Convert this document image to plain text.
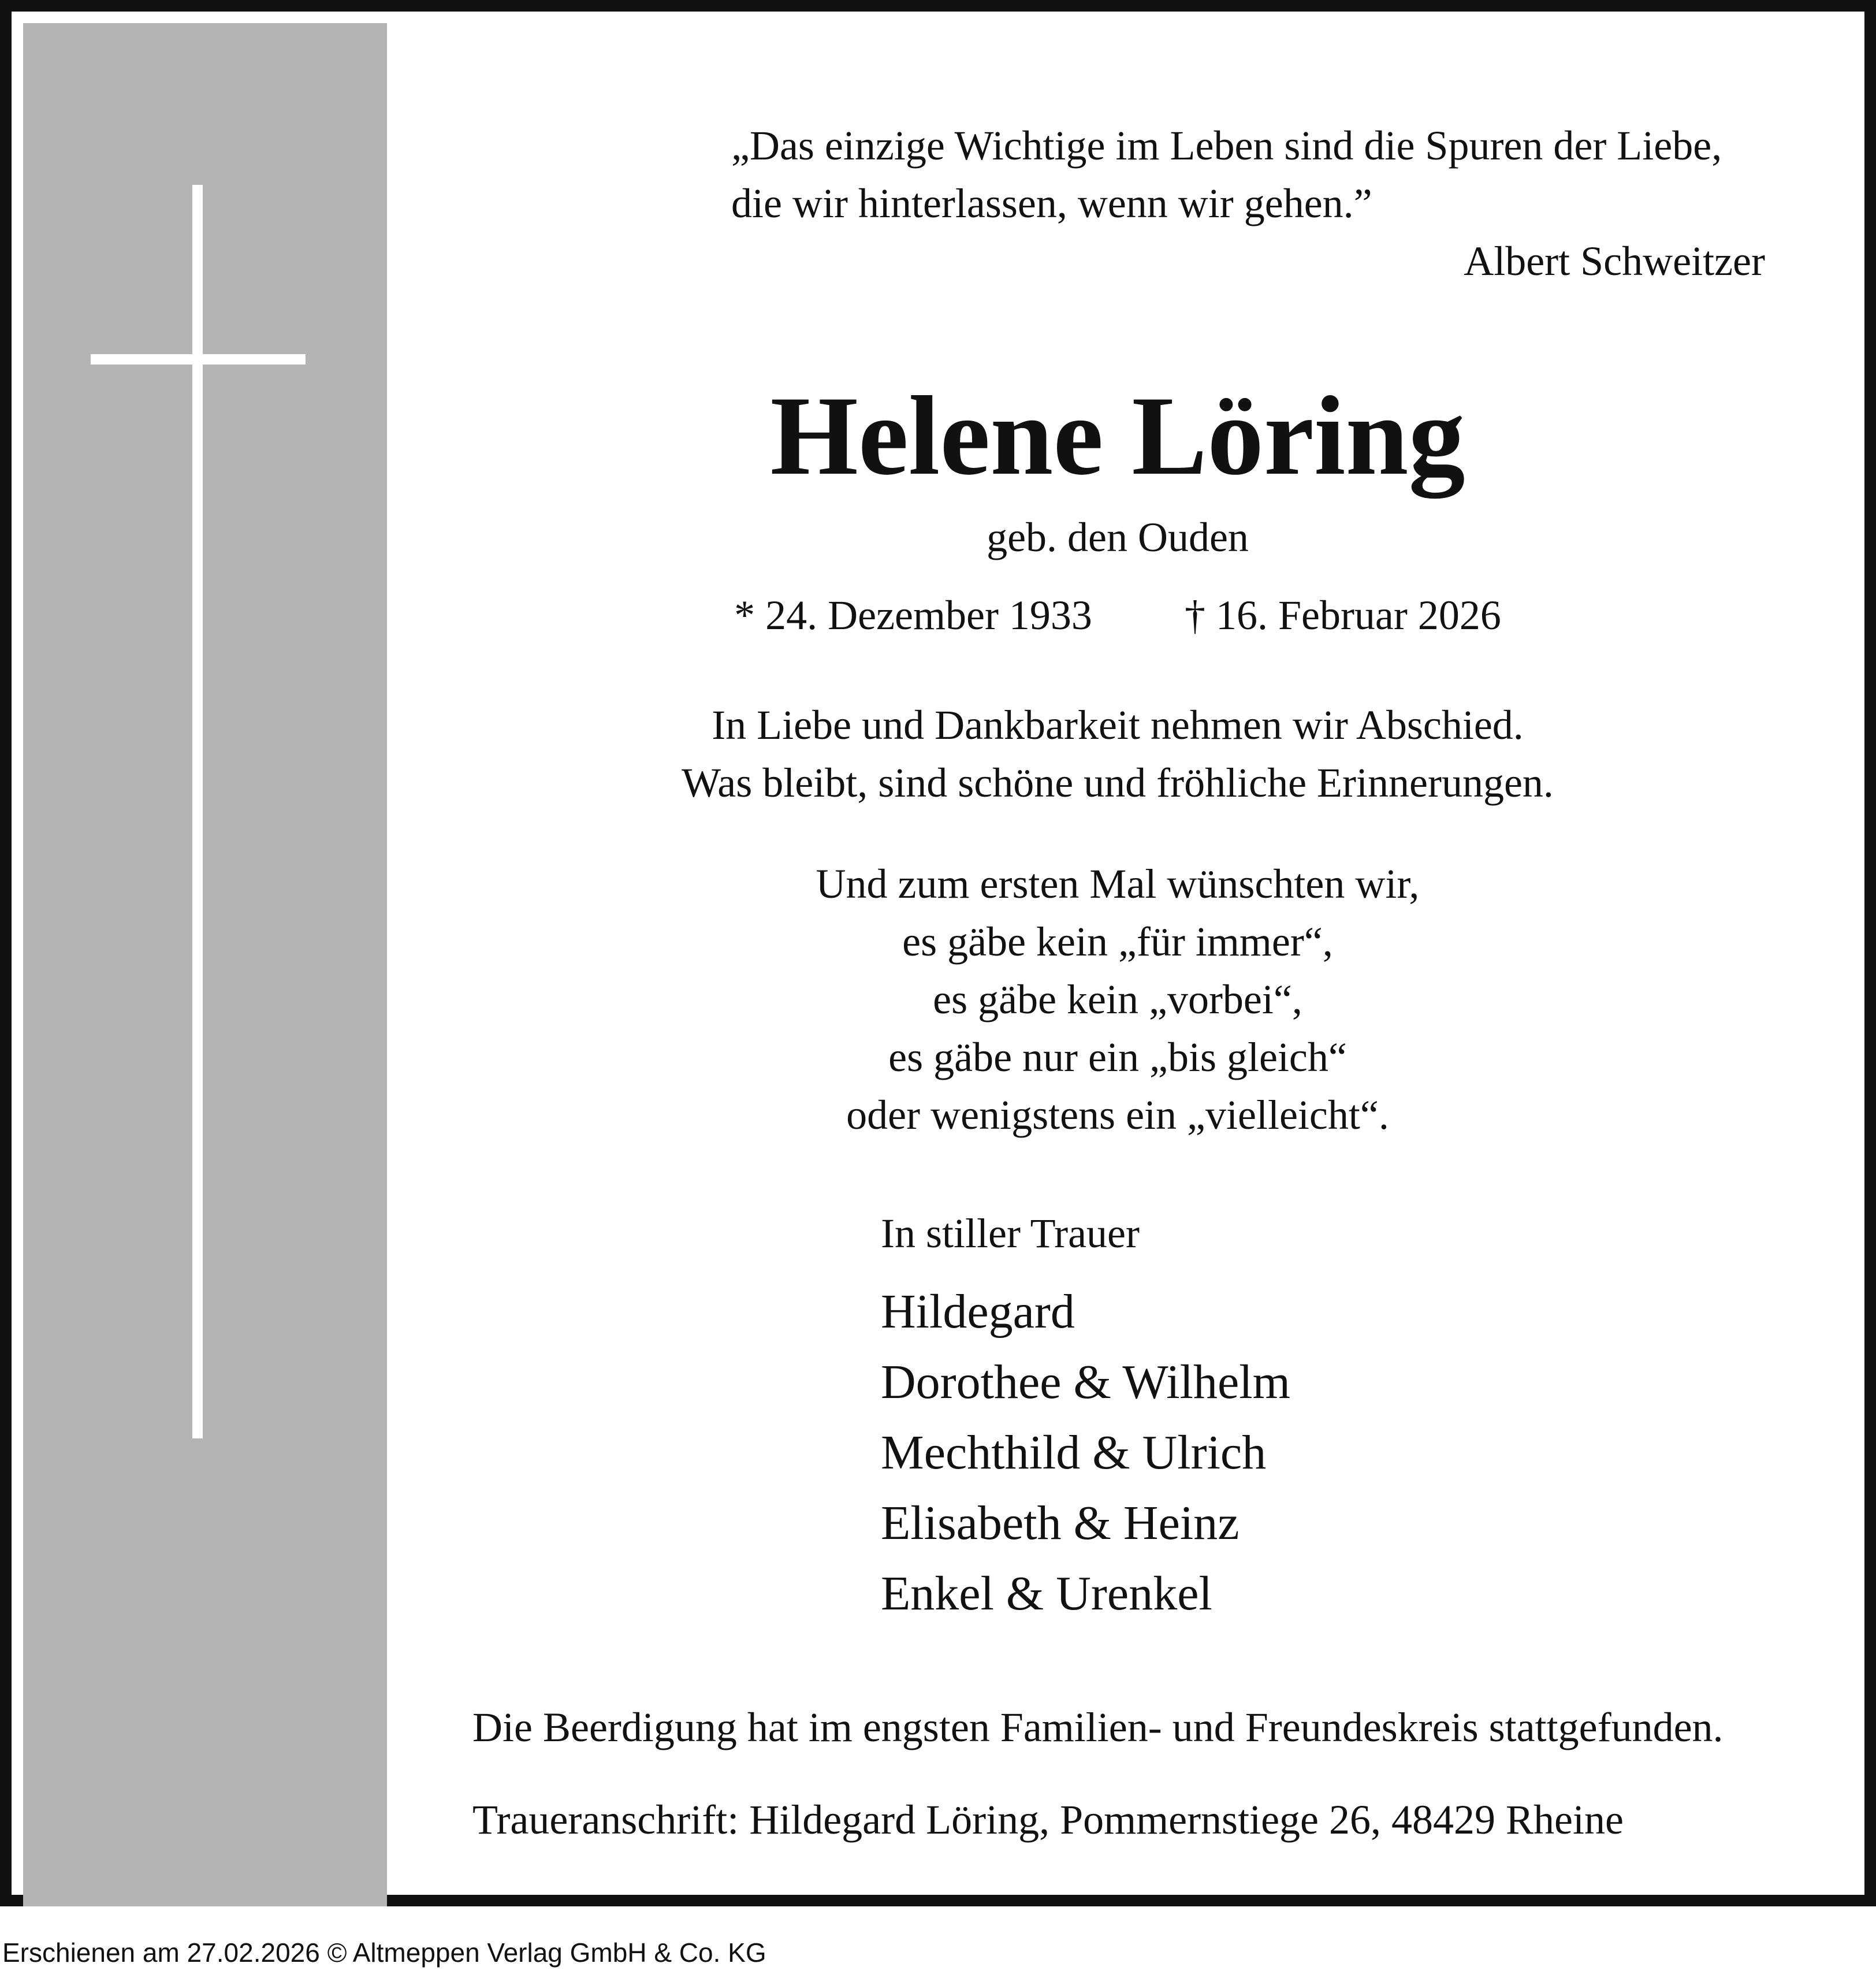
„Das einzige Wichtige im Leben sind die Spuren der Liebe,
die wir hinterlassen, wenn wir gehen.”
Albert Schweitzer
Helene Löring
geb. den Ouden
* 24. Dezember 1933 † 16. Februar 2026
In Liebe und Dankbarkeit nehmen wir Abschied.
Was bleibt, sind schöne und fröhliche Erinnerungen.
Und zum ersten Mal wünschten wir,
es gäbe kein „für immer“,
es gäbe kein „vorbei“,
es gäbe nur ein „bis gleich“
oder wenigstens ein „vielleicht“.
In stiller Trauer
Hildegard
Dorothee & Wilhelm
Mechthild & Ulrich
Elisabeth & Heinz
Enkel & Urenkel
Die Beerdigung hat im engsten Familien- und Freundeskreis stattgefunden.
Traueranschrift: Hildegard Löring, Pommernstiege 26, 48429 Rheine
Erschienen am 27.02.2026 © Altmeppen Verlag GmbH & Co. KG
